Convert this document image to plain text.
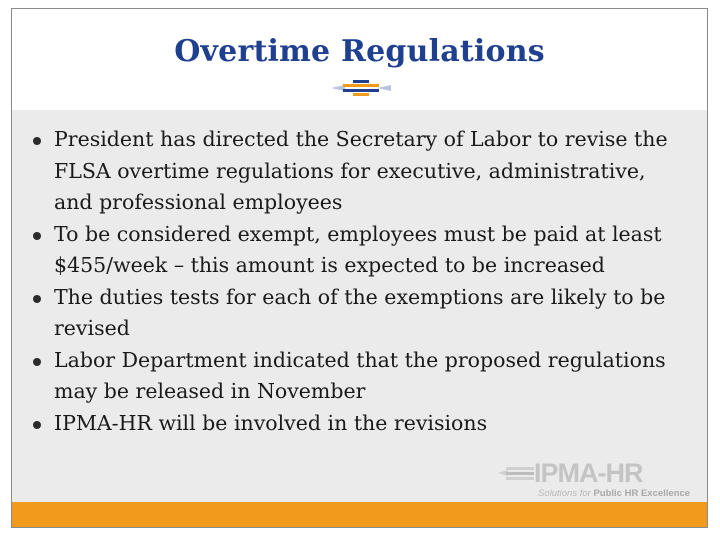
Overtime Regulations
President has directed the Secretary of Labor to revise the FLSA overtime regulations for executive, administrative, and professional employees
To be considered exempt, employees must be paid at least $455/week – this amount is expected to be increased
The duties tests for each of the exemptions are likely to be revised
Labor Department indicated that the proposed regulations may be released in November
IPMA-HR will be involved in the revisions
IPMA-HR
Solutions for Public HR Excellence
